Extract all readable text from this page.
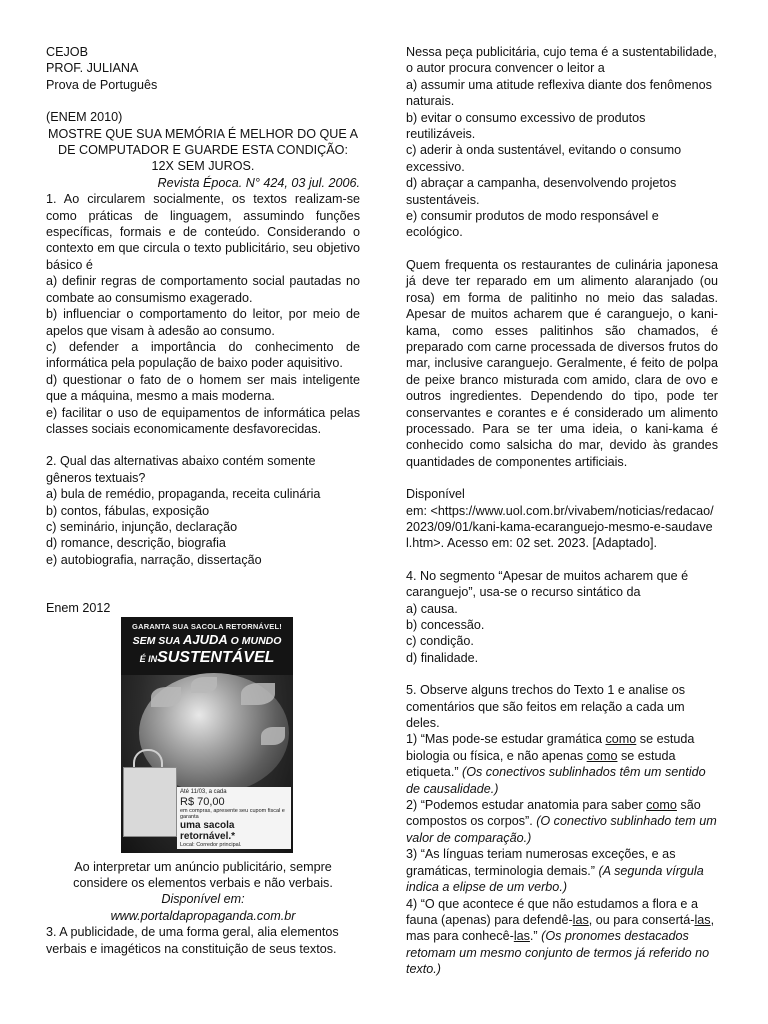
CEJOB

PROF. JULIANA

Prova de Português

(ENEM 2010)

MOSTRE QUE SUA MEMÓRIA É MELHOR DO QUE A DE COMPUTADOR E GUARDE ESTA CONDIÇÃO: 12X SEM JUROS.

Revista Época. N° 424, 03 jul. 2006.

1. Ao circularem socialmente, os textos realizam-se como práticas de linguagem, assumindo funções específicas, formais e de conteúdo. Considerando o contexto em que circula o texto publicitário, seu objetivo básico é

a) definir regras de comportamento social pautadas no combate ao consumismo exagerado.

b) influenciar o comportamento do leitor, por meio de apelos que visam à adesão ao consumo.

c) defender a importância do conhecimento de informática pela população de baixo poder aquisitivo.

d) questionar o fato de o homem ser mais inteligente que a máquina, mesmo a mais moderna.

e) facilitar o uso de equipamentos de informática pelas classes sociais economicamente desfavorecidas.

2. Qual das alternativas abaixo contém somente gêneros textuais?

a) bula de remédio, propaganda, receita culinária

b) contos, fábulas, exposição

c) seminário, injunção, declaração

d) romance, descrição, biografia

e) autobiografia, narração, dissertação

Enem 2012

GARANTA SUA SACOLA RETORNÁVEL!
SEM SUA AJUDA O MUNDO
É INSUSTENTÁVEL
Até 11/03, a cada
R$ 70,00
em compras, apresente seu cupom fiscal e garanta
uma sacola retornável.*
Local: Corredor principal.

Ao interpretar um anúncio publicitário, sempre considere os elementos verbais e não verbais.

Disponível em:

www.portaldapropaganda.com.br

3. A publicidade, de uma forma geral, alia elementos verbais e imagéticos na constituição de seus textos.

Nessa peça publicitária, cujo tema é a sustentabilidade, o autor procura convencer o leitor a

a) assumir uma atitude reflexiva diante dos fenômenos naturais.

b) evitar o consumo excessivo de produtos reutilizáveis.

c) aderir à onda sustentável, evitando o consumo excessivo.

d) abraçar a campanha, desenvolvendo projetos sustentáveis.

e) consumir produtos de modo responsável e ecológico.

Quem frequenta os restaurantes de culinária japonesa já deve ter reparado em um alimento alaranjado (ou rosa) em forma de palitinho no meio das saladas. Apesar de muitos acharem que é caranguejo, o kani-kama, como esses palitinhos são chamados, é preparado com carne processada de diversos frutos do mar, inclusive caranguejo. Geralmente, é feito de polpa de peixe branco misturada com amido, clara de ovo e outros ingredientes. Dependendo do tipo, pode ter conservantes e corantes e é considerado um alimento processado. Para se ter uma ideia, o kani-kama é conhecido como salsicha do mar, devido às grandes quantidades de componentes artificiais.

Disponível

em: <https://www.uol.com.br/vivabem/noticias/redacao/2023/09/01/kani-kama-ecaranguejo-mesmo-e-saudavel.htm>. Acesso em: 02 set. 2023. [Adaptado].

4. No segmento “Apesar de muitos acharem que é caranguejo”, usa-se o recurso sintático da

a) causa.

b) concessão.

c) condição.

d) finalidade.

5. Observe alguns trechos do Texto 1 e analise os comentários que são feitos em relação a cada um deles.

1) “Mas pode-se estudar gramática como se estuda biologia ou física, e não apenas como se estuda etiqueta.” (Os conectivos sublinhados têm um sentido de causalidade.)

2) “Podemos estudar anatomia para saber como são compostos os corpos”. (O conectivo sublinhado tem um valor de comparação.)

3) “As línguas teriam numerosas exceções, e as gramáticas, terminologia demais.” (A segunda vírgula indica a elipse de um verbo.)

4) “O que acontece é que não estudamos a flora e a fauna (apenas) para defendê-las, ou para consertá-las, mas para conhecê-las.” (Os pronomes destacados retomam um mesmo conjunto de termos já referido no texto.)
